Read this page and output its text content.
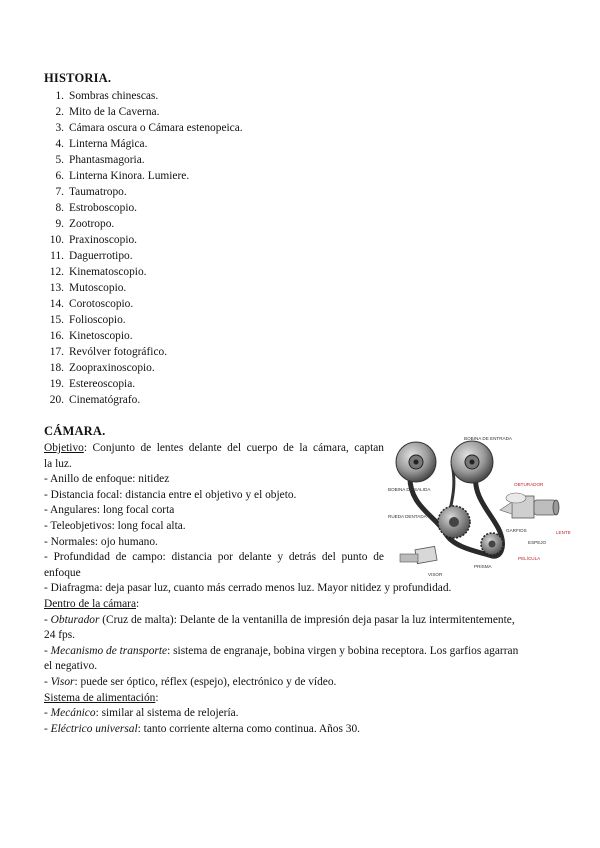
HISTORIA.
1. Sombras chinescas.
2. Mito de la Caverna.
3. Cámara oscura o Cámara estenopeica.
4. Linterna Mágica.
5. Phantasmagoria.
6. Linterna Kinora. Lumiere.
7. Taumatropo.
8. Estroboscopio.
9. Zootropo.
10. Praxinoscopio.
11. Daguerrotipo.
12. Kinematoscopio.
13. Mutoscopio.
14. Corotoscopio.
15. Folioscopio.
16. Kinetoscopio.
17. Revólver fotográfico.
18. Zoopraxinoscopio.
19. Estereoscopia.
20. Cinematógrafo.
CÁMARA.
Objetivo: Conjunto de lentes delante del cuerpo de la cámara, captan
la luz.
- Anillo de enfoque: nitidez
- Distancia focal: distancia entre el objetivo y el objeto.
- Angulares: long focal corta
- Teleobjetivos: long focal alta.
- Normales: ojo humano.
- Profundidad de campo: distancia por delante y detrás del punto de
enfoque
- Diafragma: deja pasar luz, cuanto más cerrado menos luz. Mayor nitidez y profundidad.
Dentro de la cámara:
- Obturador (Cruz de malta): Delante de la ventanilla de impresión deja pasar la luz intermitentemente,
24 fps.
- Mecanismo de transporte: sistema de engranaje, bobina virgen y bobina receptora. Los garfios agarran
el negativo.
- Visor: puede ser óptico, réflex (espejo), electrónico y de vídeo.
Sistema de alimentación:
- Mecánico: similar al sistema de relojería.
- Eléctrico universal: tanto corriente alterna como continua. Años 30.
BOBINA DE ENTRADA
BOBINA DE SALIDA
OBTURADOR
RUEDA DENTADA
GARFIOS	LENTE
ESPEJO
VISOR
PELÍCULA
PRISMA
